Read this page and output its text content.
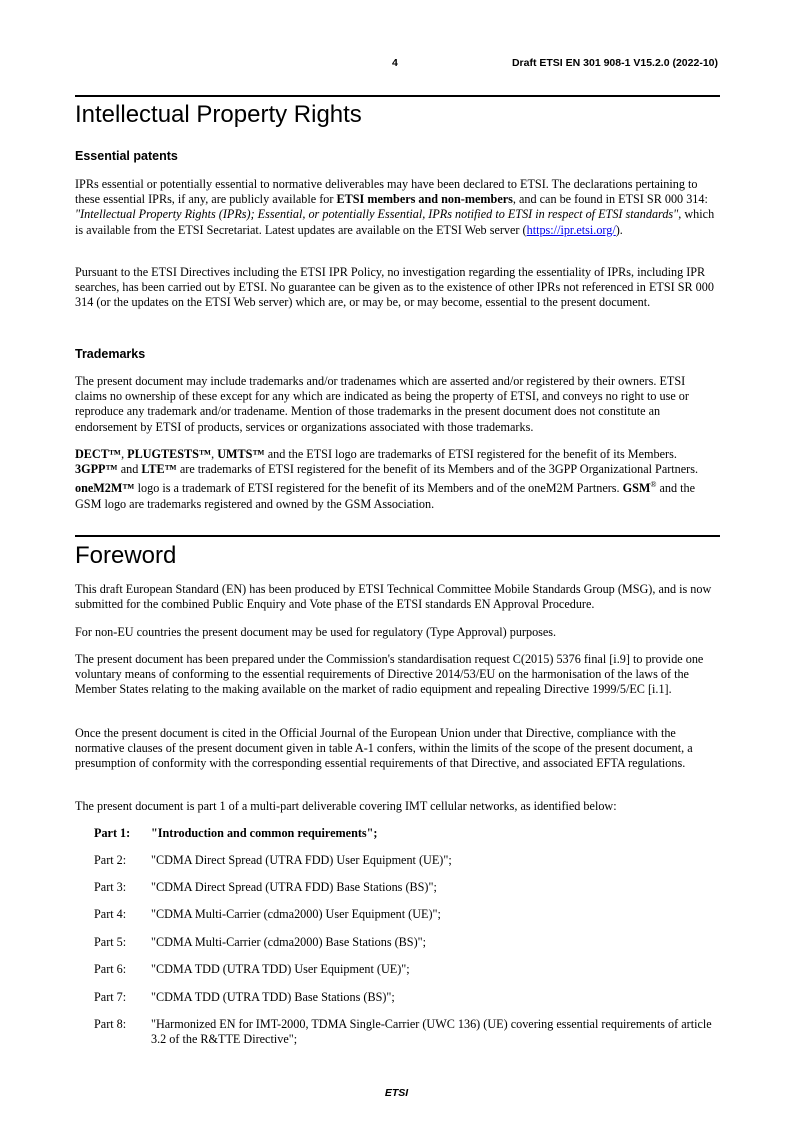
4	Draft ETSI EN 301 908-1 V15.2.0 (2022-10)
Intellectual Property Rights
Essential patents

IPRs essential or potentially essential to normative deliverables may have been declared to ETSI. The declarations pertaining to these essential IPRs, if any, are publicly available for ETSI members and non-members, and can be found in ETSI SR 000 314: "Intellectual Property Rights (IPRs); Essential, or potentially Essential, IPRs notified to ETSI in respect of ETSI standards", which is available from the ETSI Secretariat. Latest updates are available on the ETSI Web server (https://ipr.etsi.org/).

Pursuant to the ETSI Directives including the ETSI IPR Policy, no investigation regarding the essentiality of IPRs, including IPR searches, has been carried out by ETSI. No guarantee can be given as to the existence of other IPRs not referenced in ETSI SR 000 314 (or the updates on the ETSI Web server) which are, or may be, or may become, essential to the present document.

Trademarks

The present document may include trademarks and/or tradenames which are asserted and/or registered by their owners. ETSI claims no ownership of these except for any which are indicated as being the property of ETSI, and conveys no right to use or reproduce any trademark and/or tradename. Mention of those trademarks in the present document does not constitute an endorsement by ETSI of products, services or organizations associated with those trademarks.

DECT™, PLUGTESTS™, UMTS™ and the ETSI logo are trademarks of ETSI registered for the benefit of its Members. 3GPP™ and LTE™ are trademarks of ETSI registered for the benefit of its Members and of the 3GPP Organizational Partners. oneM2M™ logo is a trademark of ETSI registered for the benefit of its Members and of the oneM2M Partners. GSM® and the GSM logo are trademarks registered and owned by the GSM Association.

Foreword

This draft European Standard (EN) has been produced by ETSI Technical Committee Mobile Standards Group (MSG), and is now submitted for the combined Public Enquiry and Vote phase of the ETSI standards EN Approval Procedure.

For non-EU countries the present document may be used for regulatory (Type Approval) purposes.

The present document has been prepared under the Commission's standardisation request C(2015) 5376 final [i.9] to provide one voluntary means of conforming to the essential requirements of Directive 2014/53/EU on the harmonisation of the laws of the Member States relating to the making available on the market of radio equipment and repealing Directive 1999/5/EC [i.1].

Once the present document is cited in the Official Journal of the European Union under that Directive, compliance with the normative clauses of the present document given in table A-1 confers, within the limits of the scope of the present document, a presumption of conformity with the corresponding essential requirements of that Directive, and associated EFTA regulations.

The present document is part 1 of a multi-part deliverable covering IMT cellular networks, as identified below:

Part 1:	"Introduction and common requirements";
Part 2:	"CDMA Direct Spread (UTRA FDD) User Equipment (UE)";
Part 3:	"CDMA Direct Spread (UTRA FDD) Base Stations (BS)";
Part 4:	"CDMA Multi-Carrier (cdma2000) User Equipment (UE)";
Part 5:	"CDMA Multi-Carrier (cdma2000) Base Stations (BS)";
Part 6:	"CDMA TDD (UTRA TDD) User Equipment (UE)";
Part 7:	"CDMA TDD (UTRA TDD) Base Stations (BS)";
Part 8:	"Harmonized EN for IMT-2000, TDMA Single-Carrier (UWC 136) (UE) covering essential requirements of article 3.2 of the R&TTE Directive";
ETSI
